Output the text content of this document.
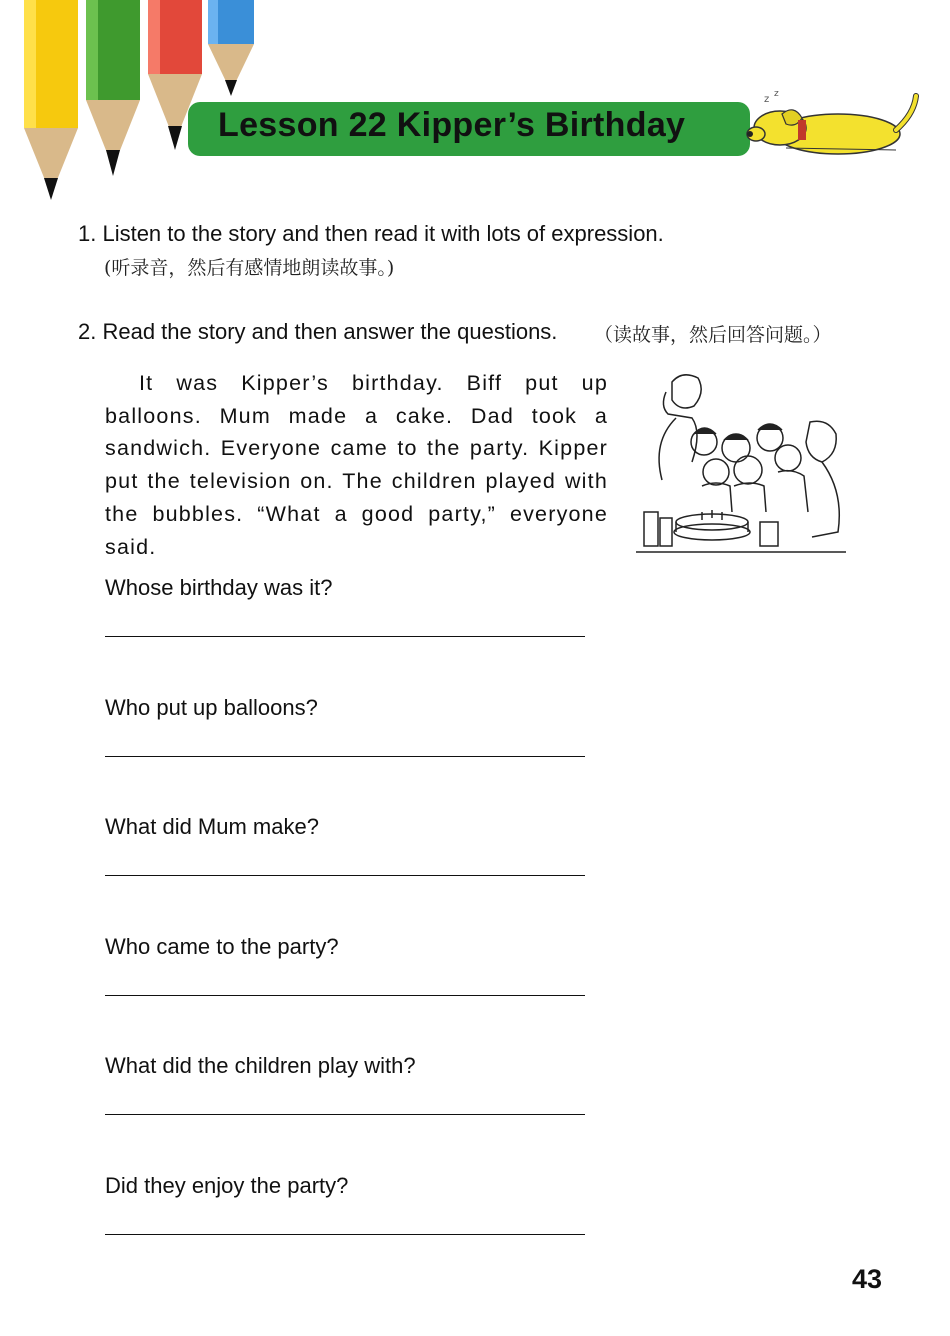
Lesson 22 Kipper’s Birthday
z z
1. Listen to the story and then read it with lots of expression.
(听录音，然后有感情地朗读故事。)
2. Read the story and then answer the questions. （读故事，然后回答问题。）
It was Kipper’s birthday. Biff put up balloons. Mum made a cake. Dad took a sandwich. Everyone came to the party. Kipper put the television on. The children played with the bubbles. “What a good party,” everyone said.
Whose birthday was it?
Who put up balloons?
What did Mum make?
Who came to the party?
What did the children play with?
Did they enjoy the party?
43
